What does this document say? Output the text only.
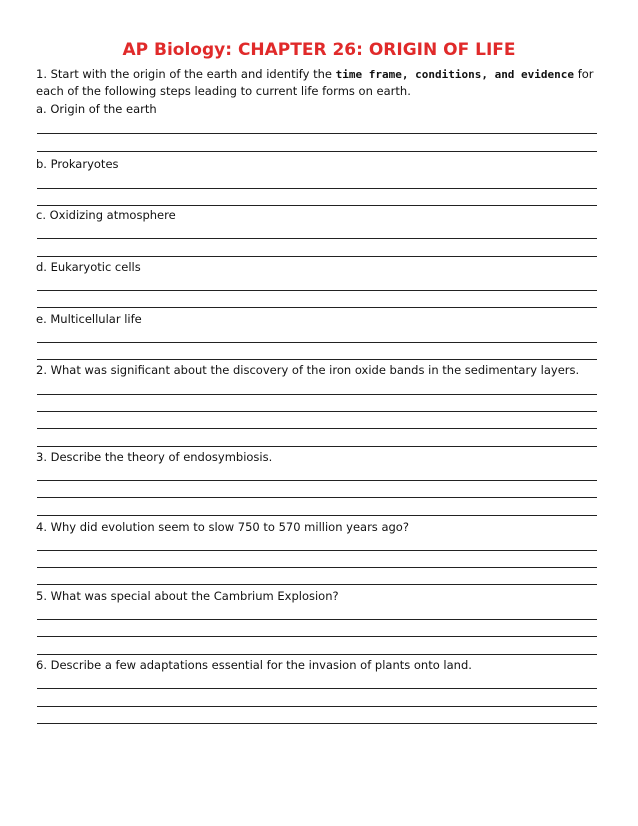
AP Biology: CHAPTER 26: ORIGIN OF LIFE
1. Start with the origin of the earth and identify the time frame, conditions, and evidence for each of the following steps leading to current life forms on earth.
a. Origin of the earth
b. Prokaryotes
c. Oxidizing atmosphere
d. Eukaryotic cells
e. Multicellular life
2. What was significant about the discovery of the iron oxide bands in the sedimentary layers.
3. Describe the theory of endosymbiosis.
4. Why did evolution seem to slow 750 to 570 million years ago?
5. What was special about the Cambrium Explosion?
6. Describe a few adaptations essential for the invasion of plants onto land.
